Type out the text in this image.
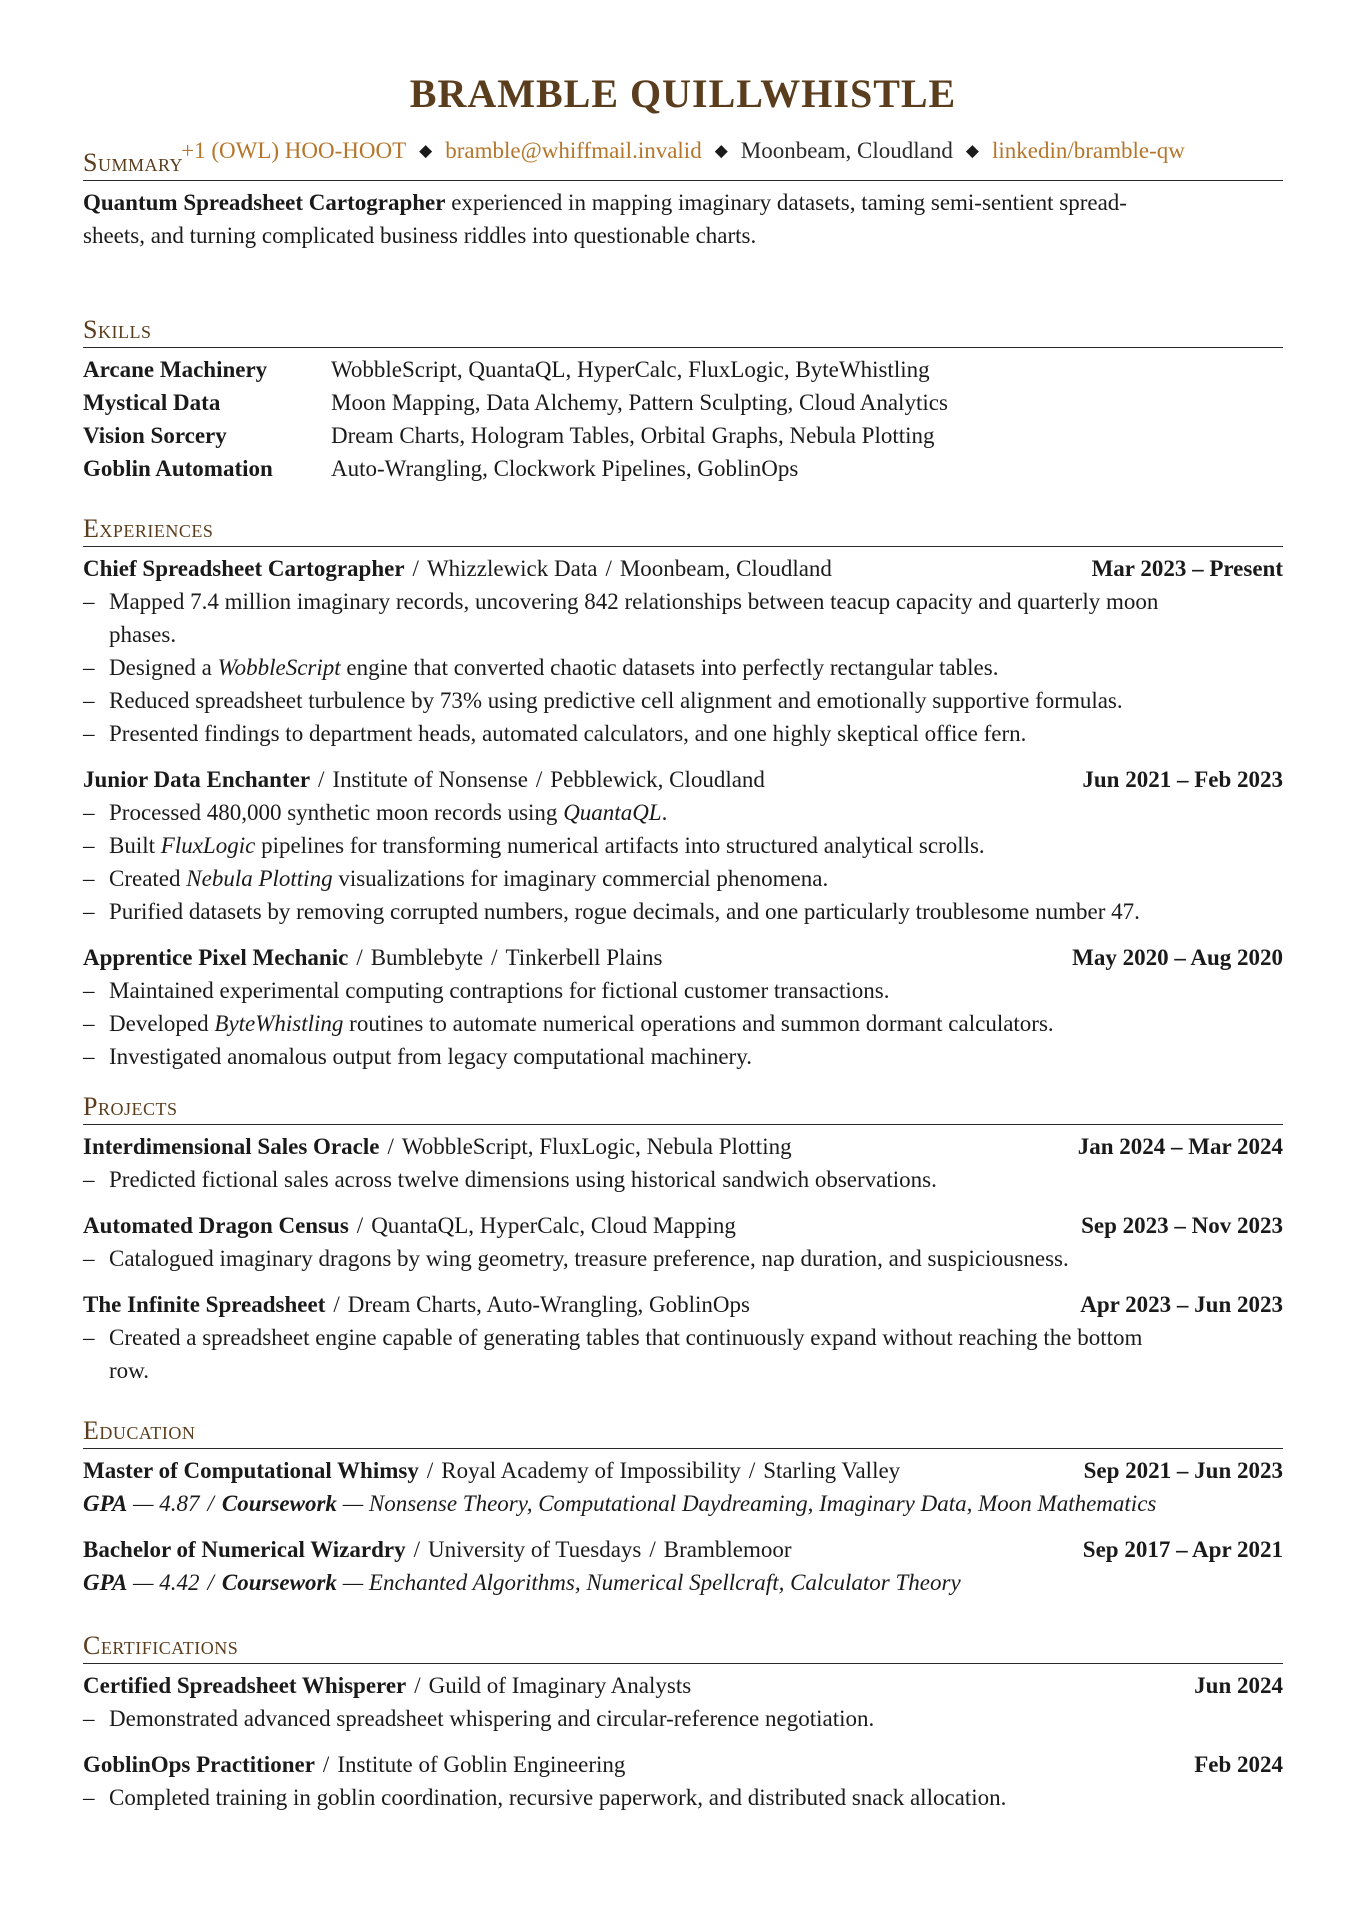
BRAMBLE QUILLWHISTLE
+1 (OWL) HOO-HOOT ◆ bramble@whiffmail.invalid ◆ Moonbeam, Cloudland ◆ linkedin/bramble-qw
Summary
Quantum Spreadsheet Cartographer experienced in mapping imaginary datasets, taming semi-sentient spread-
sheets, and turning complicated business riddles into questionable charts.
Skills
Arcane Machinery	WobbleScript, QuantaQL, HyperCalc, FluxLogic, ByteWhistling
Mystical Data	Moon Mapping, Data Alchemy, Pattern Sculpting, Cloud Analytics
Vision Sorcery	Dream Charts, Hologram Tables, Orbital Graphs, Nebula Plotting
Goblin Automation	Auto-Wrangling, Clockwork Pipelines, GoblinOps
Experiences
Chief Spreadsheet Cartographer / Whizzlewick Data / Moonbeam, Cloudland	Mar 2023 – Present
– Mapped 7.4 million imaginary records, uncovering 842 relationships between teacup capacity and quarterly moon
phases.
– Designed a WobbleScript engine that converted chaotic datasets into perfectly rectangular tables.
– Reduced spreadsheet turbulence by 73% using predictive cell alignment and emotionally supportive formulas.
– Presented findings to department heads, automated calculators, and one highly skeptical office fern.
Junior Data Enchanter / Institute of Nonsense / Pebblewick, Cloudland	Jun 2021 – Feb 2023
– Processed 480,000 synthetic moon records using QuantaQL.
– Built FluxLogic pipelines for transforming numerical artifacts into structured analytical scrolls.
– Created Nebula Plotting visualizations for imaginary commercial phenomena.
– Purified datasets by removing corrupted numbers, rogue decimals, and one particularly troublesome number 47.
Apprentice Pixel Mechanic / Bumblebyte / Tinkerbell Plains	May 2020 – Aug 2020
– Maintained experimental computing contraptions for fictional customer transactions.
– Developed ByteWhistling routines to automate numerical operations and summon dormant calculators.
– Investigated anomalous output from legacy computational machinery.
Projects
Interdimensional Sales Oracle / WobbleScript, FluxLogic, Nebula Plotting	Jan 2024 – Mar 2024
– Predicted fictional sales across twelve dimensions using historical sandwich observations.
Automated Dragon Census / QuantaQL, HyperCalc, Cloud Mapping	Sep 2023 – Nov 2023
– Catalogued imaginary dragons by wing geometry, treasure preference, nap duration, and suspiciousness.
The Infinite Spreadsheet / Dream Charts, Auto-Wrangling, GoblinOps	Apr 2023 – Jun 2023
– Created a spreadsheet engine capable of generating tables that continuously expand without reaching the bottom
row.
Education
Master of Computational Whimsy / Royal Academy of Impossibility / Starling Valley	Sep 2021 – Jun 2023
GPA — 4.87 / Coursework — Nonsense Theory, Computational Daydreaming, Imaginary Data, Moon Mathematics
Bachelor of Numerical Wizardry / University of Tuesdays / Bramblemoor	Sep 2017 – Apr 2021
GPA — 4.42 / Coursework — Enchanted Algorithms, Numerical Spellcraft, Calculator Theory
Certifications
Certified Spreadsheet Whisperer / Guild of Imaginary Analysts	Jun 2024
– Demonstrated advanced spreadsheet whispering and circular-reference negotiation.
GoblinOps Practitioner / Institute of Goblin Engineering	Feb 2024
– Completed training in goblin coordination, recursive paperwork, and distributed snack allocation.
